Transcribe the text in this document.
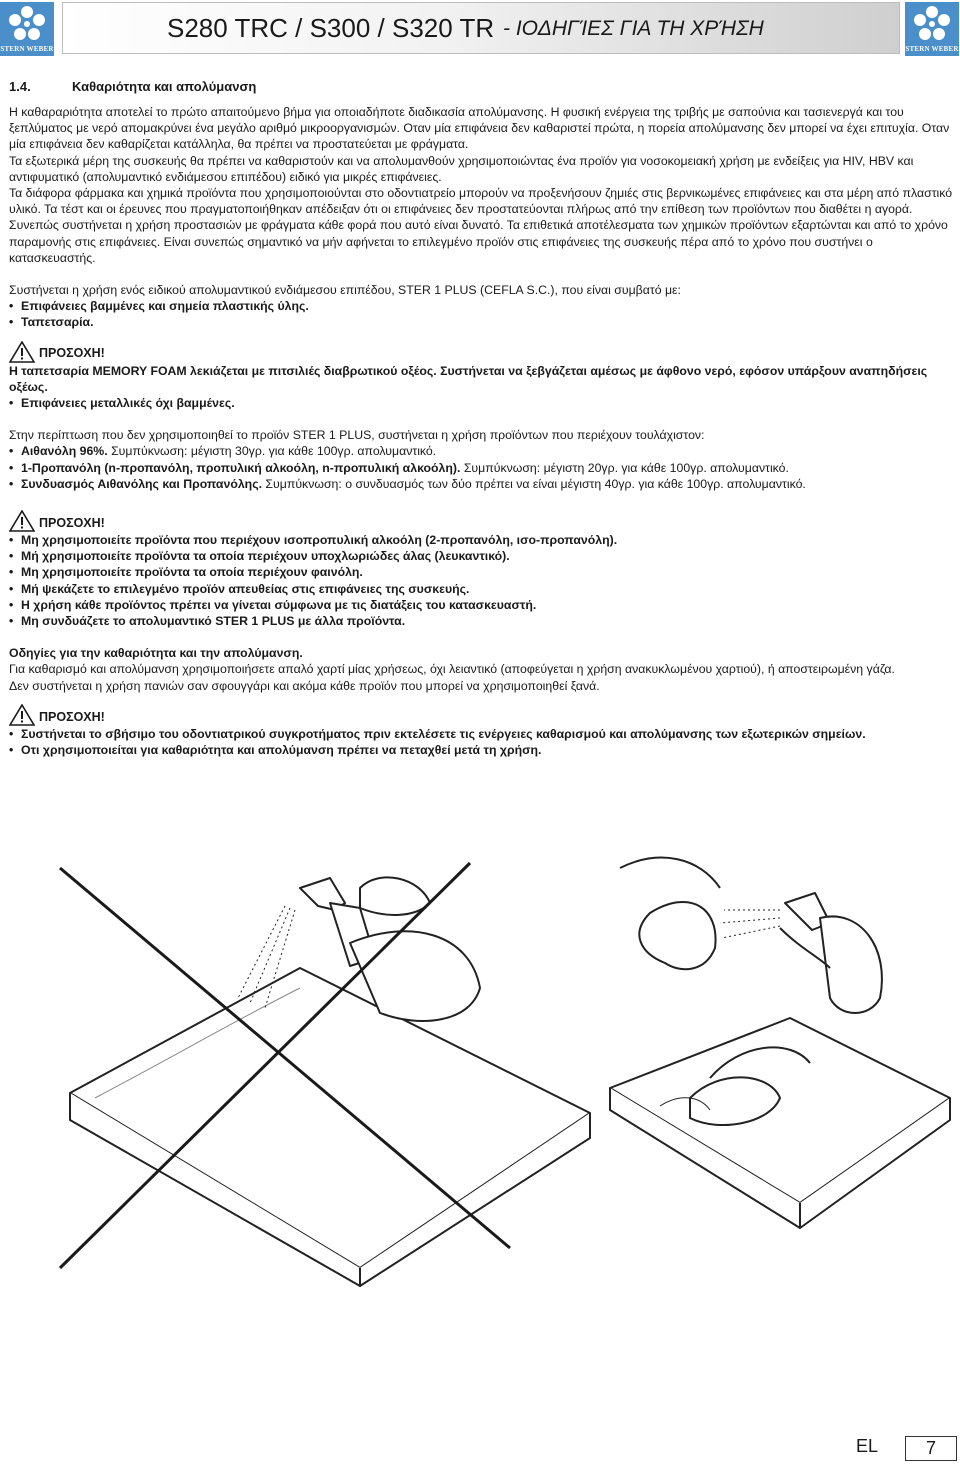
STERN WEBER
S280 TRC / S300 / S320 TR - ΙΟΔΗΓΊΕΣ ΓΙΑ ΤΗ ΧΡΉΣΗ
STERN WEBER
1.4.	Καθαριότητα και απολύμανση

Η καθαραριότητα αποτελεί το πρώτο απαιτούμενο βήμα για οποιαδήποτε διαδικασία απολύμανσης. Η φυσική ενέργεια της τριβής με σαπούνια και τασιενεργά και του ξεπλύματος με νερό απομακρύνει ένα μεγάλο αριθμό μικροοργανισμών. Οταν μία επιφάνεια δεν καθαριστεί πρώτα, η πορεία απολύμανσης δεν μπορεί να έχει επιτυχία. Οταν μία επιφάνεια δεν καθαρίζεται κατάλληλα, θα πρέπει να προστατεύεται με φράγματα.

Τα εξωτερικά μέρη της συσκευής θα πρέπει να καθαριστούν και να απολυμανθούν χρησιμοποιώντας ένα προϊόν για νοσοκομειακή χρήση με ενδείξεις για HIV, HBV και αντιφυματικό (απολυμαντικό ενδιάμεσου επιπέδου) ειδικό για μικρές επιφάνειες.

Τα διάφορα φάρμακα και χημικά προϊόντα που χρησιμοποιούνται στο οδοντιατρείο μπορούν να προξενήσουν ζημιές στις βερνικωμένες επιφάνειες και στα μέρη από πλαστικό υλικό. Τα τέστ και οι έρευνες που πραγματοποιήθηκαν απέδειξαν ότι οι επιφάνειες δεν προστατεύονται πλήρως από την επίθεση των προϊόντων που διαθέτει η αγορά. Συνεπώς συστήνεται η χρήση προστασιών με φράγματα κάθε φορά που αυτό είναι δυνατό. Τα επιθετικά αποτέλεσματα των χημικών προϊόντων εξαρτώνται και από το χρόνο παραμονής στις επιφάνειες. Είναι συνεπώς σημαντικό να μήν αφήνεται το επιλεγμένο προϊόν στις επιφάνειες της συσκευής πέρα από το χρόνο που συστήνει ο κατασκευαστής.

Συστήνεται η χρήση ενός ειδικού απολυμαντικού ενδιάμεσου επιπέδου, STER 1 PLUS (CEFLA S.C.), που είναι συμβατό με:

• Επιφάνειες βαμμένες και σημεία πλαστικής ύλης.
• Ταπετσαρία.
ΠΡΟΣΟΧΗ!

Η ταπετσαρία MEMORY FOAM λεκιάζεται με πιτσιλιές διαβρωτικού οξέος. Συστήνεται να ξεβγάζεται αμέσως με άφθονο νερό, εφόσον υπάρξουν αναπηδήσεις οξέως.

• Επιφάνειες μεταλλικές όχι βαμμένες.

Στην περίπτωση που δεν χρησιμοποιηθεί το προϊόν STER 1 PLUS, συστήνεται η χρήση προϊόντων που περιέχουν τουλάχιστον:

• Αιθανόλη 96%. Συμπύκνωση: μέγιστη 30γρ. για κάθε 100γρ. απολυμαντικό.
• 1-Προπανόλη (n-προπανόλη, προπυλική αλκοόλη, n-προπυλική αλκοόλη). Συμπύκνωση: μέγιστη 20γρ. για κάθε 100γρ. απολυμαντικό.
• Συνδυασμός Αιθανόλης και Προπανόλης. Συμπύκνωση: ο συνδυασμός των δύο πρέπει να είναι μέγιστη 40γρ. για κάθε 100γρ. απολυμαντικό.
ΠΡΟΣΟΧΗ!
• Μη χρησιμοποιείτε προϊόντα που περιέχουν ισοπροπυλική αλκοόλη (2-προπανόλη, ισο-προπανόλη).
• Μή χρησιμοποιείτε προϊόντα τα οποία περιέχουν υποχλωριώδες άλας (λευκαντικό).
• Μη χρησιμοποιείτε προϊόντα τα οποία περιέχουν φαινόλη.
• Μή ψεκάζετε το επιλεγμένο προϊόν απευθείας στις επιφάνειες της συσκευής.
• Η χρήση κάθε προϊόντος πρέπει να γίνεται σύμφωνα με τις διατάξεις του κατασκευαστή.
• Μη συνδυάζετε το απολυμαντικό STER 1 PLUS με άλλα προϊόντα.

Οδηγίες για την καθαριότητα και την απολύμανση.

Για καθαρισμό και απολύμανση χρησιμοποιήσετε απαλό χαρτί μίας χρήσεως, όχι λειαντικό (αποφεύγεται η χρήση ανακυκλωμένου χαρτιού), ή αποστειρωμένη γάζα.

Δεν συστήνεται η χρήση πανιών σαν σφουγγάρι και ακόμα κάθε προϊόν που μπορεί να χρησιμοποιηθεί ξανά.

ΠΡΟΣΟΧΗ!
• Συστήνεται το σβήσιμο του οδοντιατρικού συγκροτήματος πριν εκτελέσετε τις ενέργειες καθαρισμού και απολύμανσης των εξωτερικών σημείων.
• Οτι χρησιμοποιείται για καθαριότητα και απολύμανση πρέπει να πεταχθεί μετά τη χρήση.
EL	7
